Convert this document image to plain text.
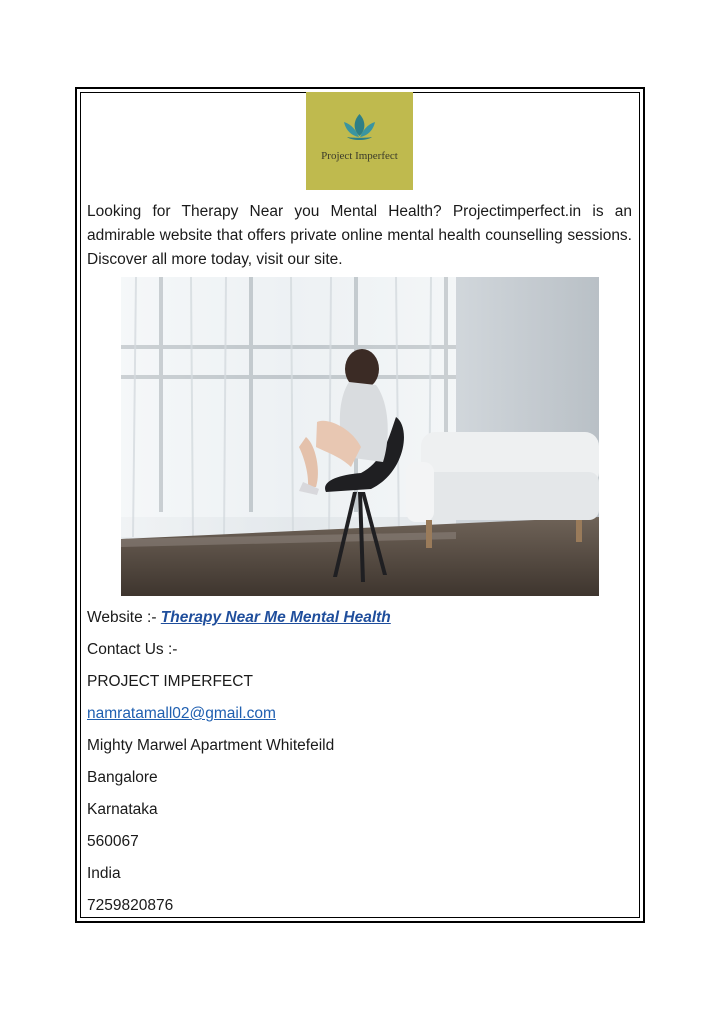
Project Imperfect

Looking for Therapy Near you Mental Health? Projectimperfect.in is an admirable website that offers private online mental health counselling sessions. Discover all more today, visit our site.

Website :- Therapy Near Me Mental Health

Contact Us :-

PROJECT IMPERFECT

namratamall02@gmail.com

Mighty Marwel Apartment Whitefeild

Bangalore

Karnataka

560067

India

7259820876
